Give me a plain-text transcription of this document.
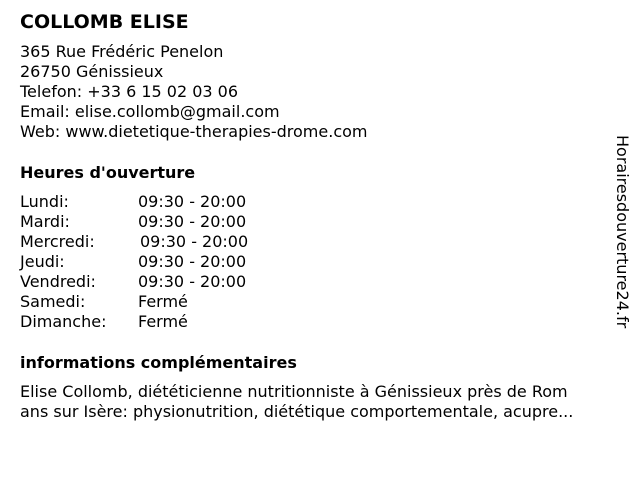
COLLOMB ELISE
365 Rue Frédéric Penelon
26750 Génissieux
Telefon: +33 6 15 02 03 06
Email: elise.collomb@gmail.com
Web: www.dietetique-therapies-drome.com
Heures d'ouverture
Lundi:	09:30 - 20:00
Mardi:	09:30 - 20:00
Mercredi:	09:30 - 20:00
Jeudi:	09:30 - 20:00
Vendredi:	09:30 - 20:00
Samedi:	Fermé
Dimanche:	Fermé
informations complémentaires
Elise Collomb, diététicienne nutritionniste à Génissieux près de Rom
ans sur Isère: physionutrition, diététique comportementale, acupre...
Horairesdouverture24.fr
